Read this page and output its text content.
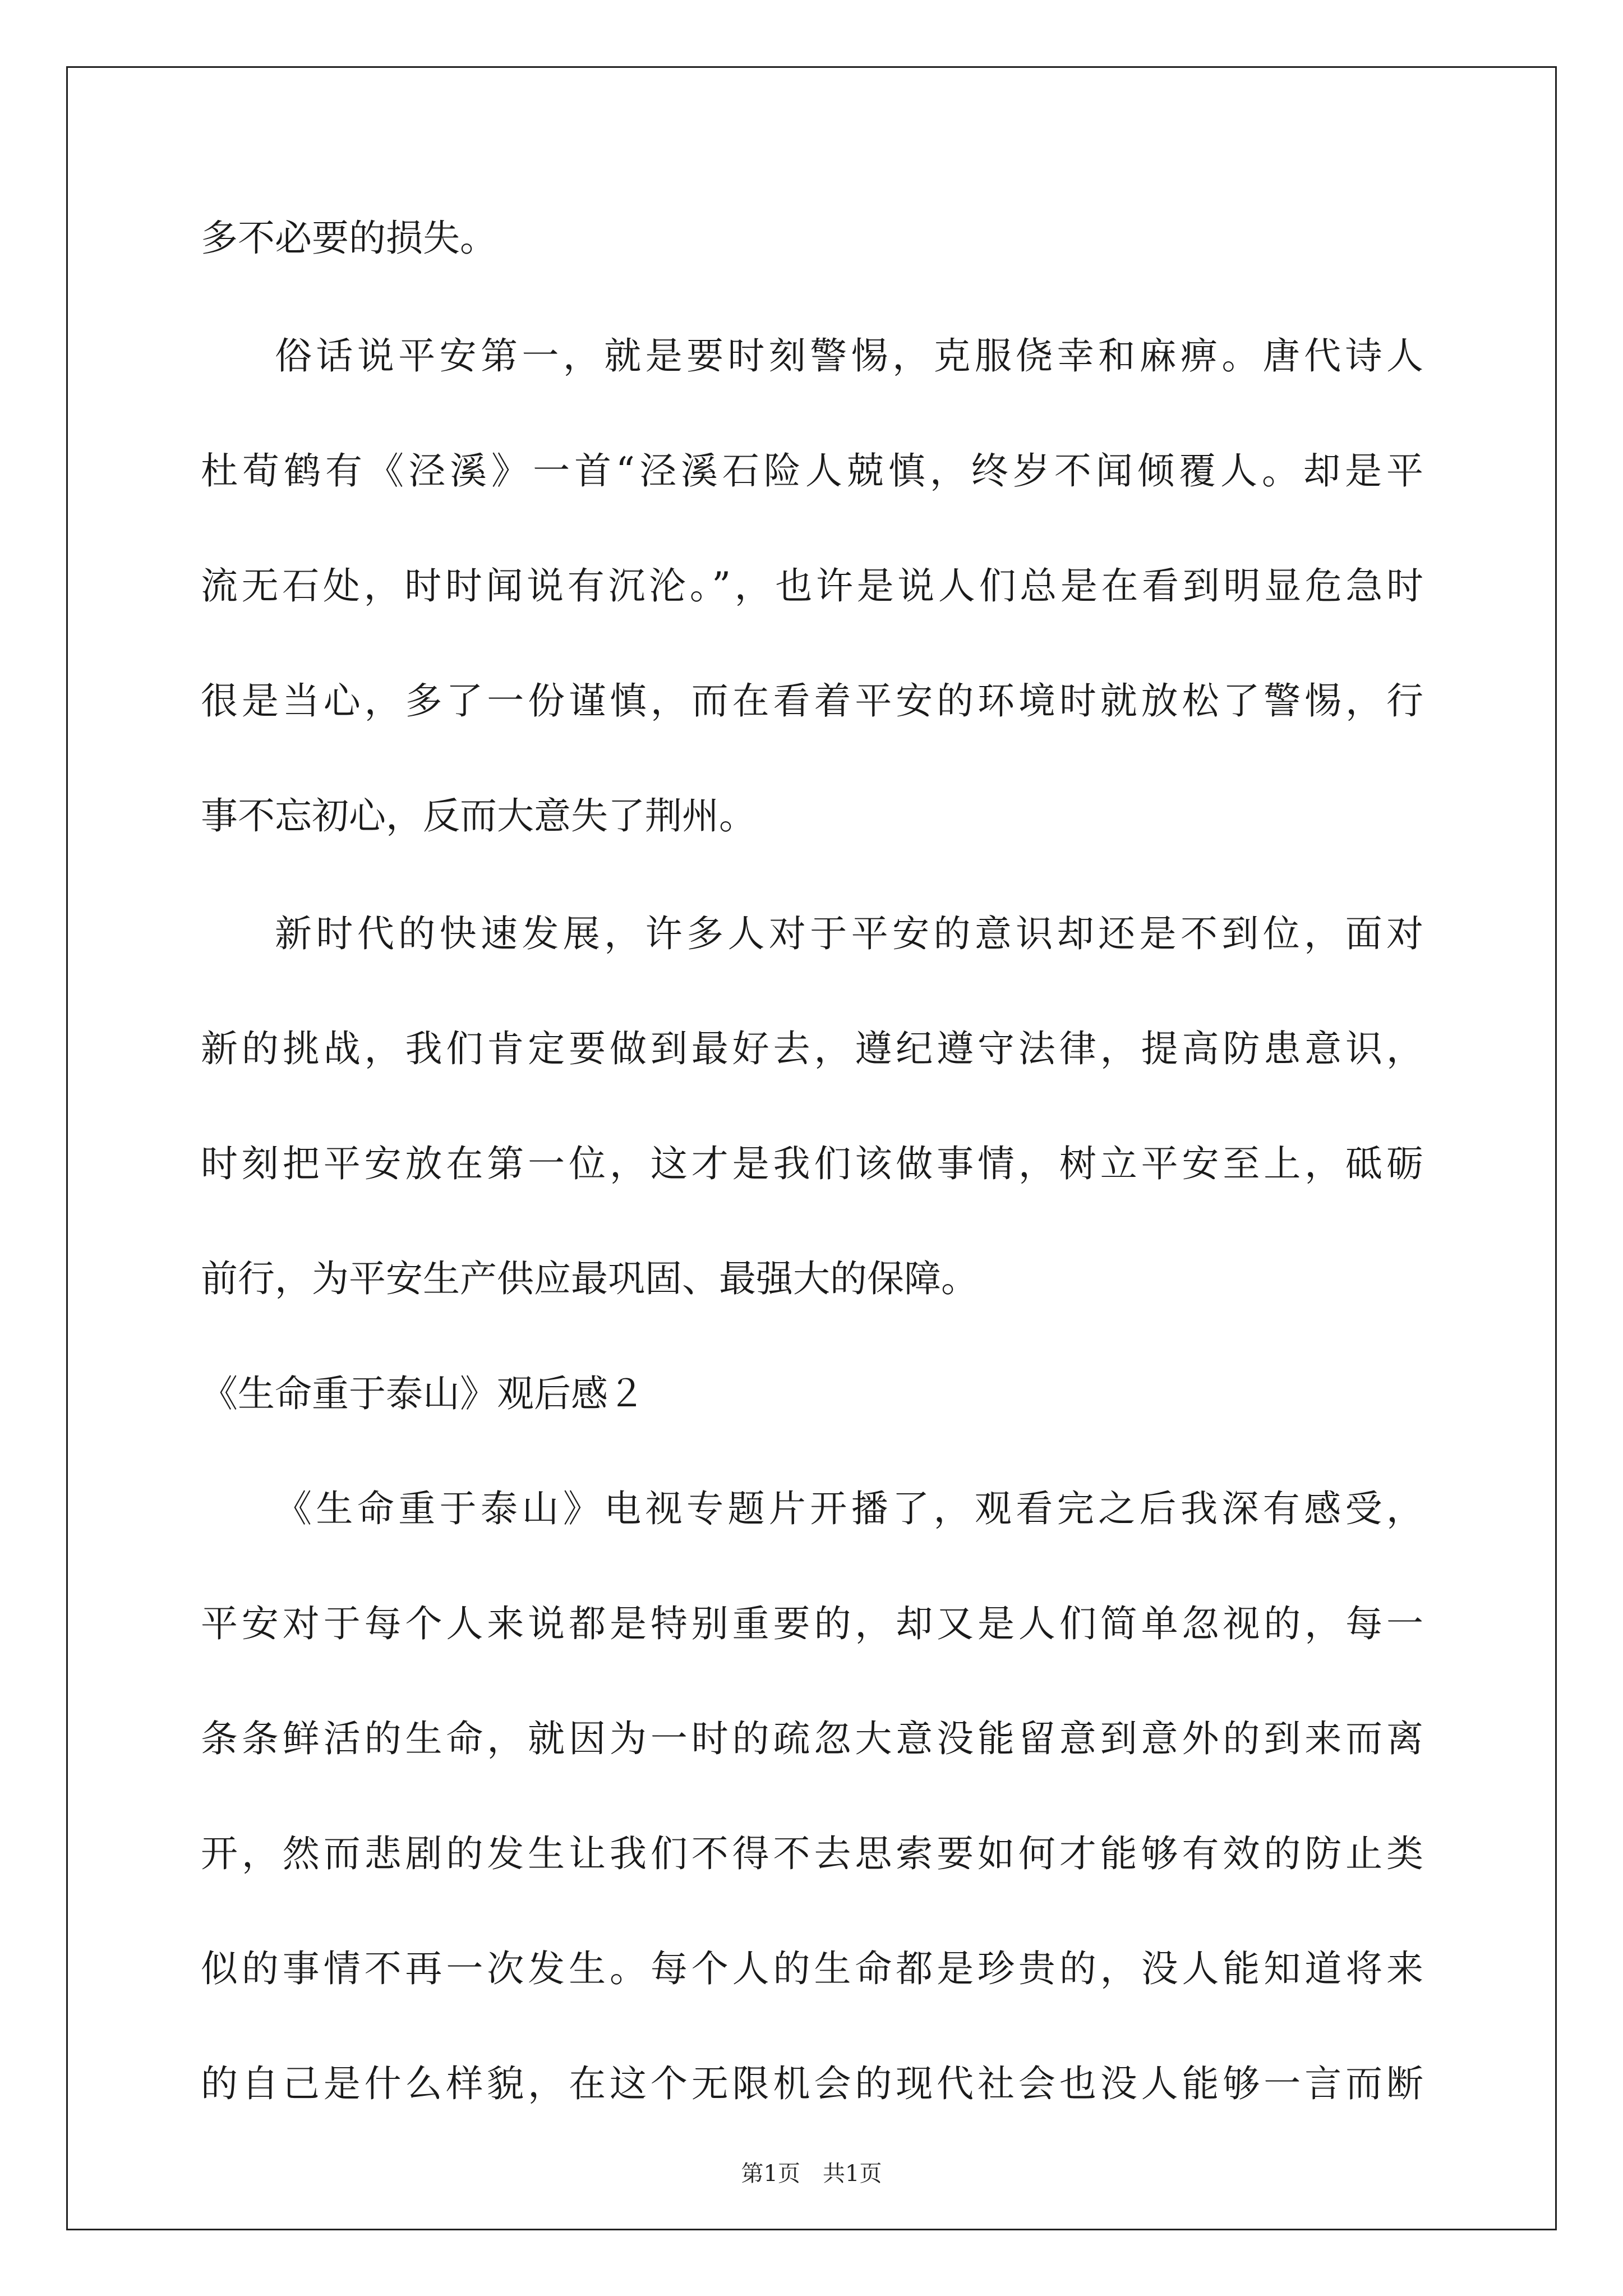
多不必要的损失。
俗话说平安第一，就是要时刻警惕，克服侥幸和麻痹。唐代诗人
杜荀鹤有《泾溪》一首“泾溪石险人兢慎，终岁不闻倾覆人。却是平
流无石处，时时闻说有沉沦。”，也许是说人们总是在看到明显危急时
很是当心，多了一份谨慎，而在看着平安的环境时就放松了警惕，行
事不忘初心，反而大意失了荆州。
新时代的快速发展，许多人对于平安的意识却还是不到位，面对
新的挑战，我们肯定要做到最好去，遵纪遵守法律，提高防患意识，
时刻把平安放在第一位，这才是我们该做事情，树立平安至上，砥砺
前行，为平安生产供应最巩固、最强大的保障。
《生命重于泰山》观后感２
《生命重于泰山》电视专题片开播了，观看完之后我深有感受，
平安对于每个人来说都是特别重要的，却又是人们简单忽视的，每一
条条鲜活的生命，就因为一时的疏忽大意没能留意到意外的到来而离
开，然而悲剧的发生让我们不得不去思索要如何才能够有效的防止类
似的事情不再一次发生。每个人的生命都是珍贵的，没人能知道将来
的自己是什么样貌，在这个无限机会的现代社会也没人能够一言而断
第1页　共1页
